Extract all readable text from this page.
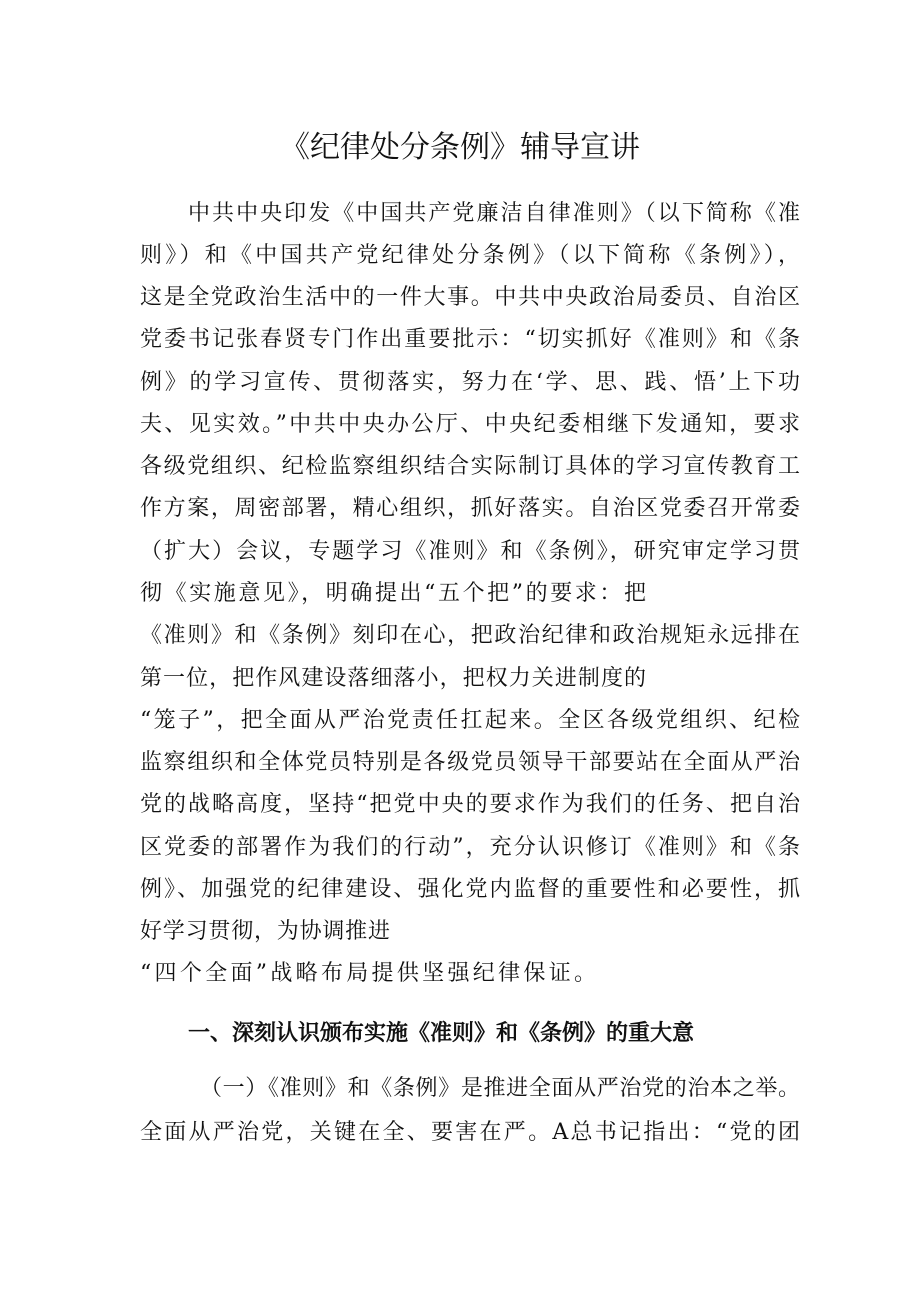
《纪律处分条例》辅导宣讲

中共中央印发《中国共产党廉洁自律准则》（以下简称《准

则》）和《中国共产党纪律处分条例》（以下简称《条例》），

这是全党政治生活中的一件大事。中共中央政治局委员、自治区

党委书记张春贤专门作出重要批示：“切实抓好《准则》和《条

例》的学习宣传、贯彻落实，努力在‘学、思、践、悟’上下功

夫、见实效。”中共中央办公厅、中央纪委相继下发通知，要求

各级党组织、纪检监察组织结合实际制订具体的学习宣传教育工

作方案，周密部署，精心组织，抓好落实。自治区党委召开常委

（扩大）会议，专题学习《准则》和《条例》，研究审定学习贯

彻《实施意见》，明确提出“五个把”的要求：把

《准则》和《条例》刻印在心，把政治纪律和政治规矩永远排在

第一位，把作风建设落细落小，把权力关进制度的

“笼子”，把全面从严治党责任扛起来。全区各级党组织、纪检

监察组织和全体党员特别是各级党员领导干部要站在全面从严治

党的战略高度，坚持“把党中央的要求作为我们的任务、把自治

区党委的部署作为我们的行动”，充分认识修订《准则》和《条

例》、加强党的纪律建设、强化党内监督的重要性和必要性，抓

好学习贯彻，为协调推进

“四个全面”战略布局提供坚强纪律保证。

一、深刻认识颁布实施《准则》和《条例》的重大意

（一）《准则》和《条例》是推进全面从严治党的治本之举。

全面从严治党，关键在全、要害在严。A总书记指出：“党的团
